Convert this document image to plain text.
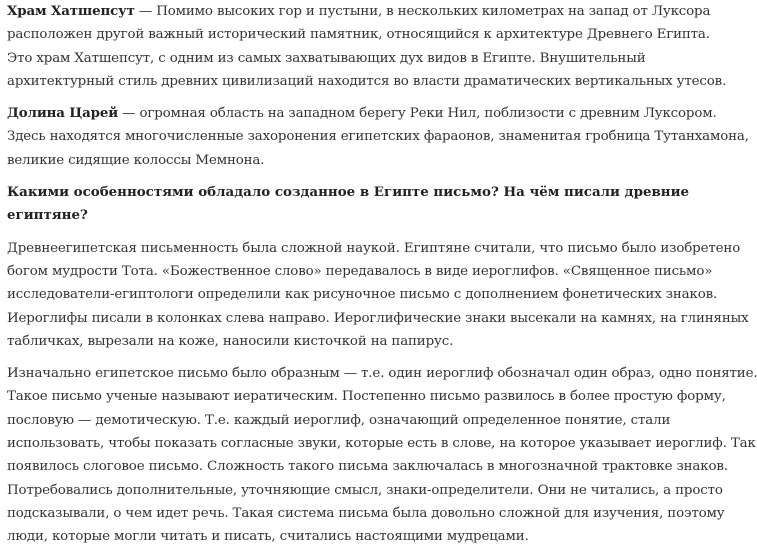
Храм Хатшепсут — Помимо высоких гор и пустыни, в нескольких километрах на запад от Луксора
расположен другой важный исторический памятник, относящийся к архитектуре Древнего Египта.
Это храм Хатшепсут, с одним из самых захватывающих дух видов в Египте. Внушительный
архитектурный стиль древних цивилизаций находится во власти драматических вертикальных утесов.

Долина Царей — огромная область на западном берегу Реки Нил, поблизости с древним Луксором.
Здесь находятся многочисленные захоронения египетских фараонов, знаменитая гробница Тутанхамона,
великие сидящие колоссы Мемнона.

Какими особенностями обладало созданное в Египте письмо? На чём писали древние
египтяне?

Древнеегипетская письменность была сложной наукой. Египтяне считали, что письмо было изобретено
богом мудрости Тота. «Божественное слово» передавалось в виде иероглифов. «Священное письмо»
исследователи-египтологи определили как рисуночное письмо с дополнением фонетических знаков.
Иероглифы писали в колонках слева направо. Иероглифические знаки высекали на камнях, на глиняных
табличках, вырезали на коже, наносили кисточкой на папирус.

Изначально египетское письмо было образным — т.е. один иероглиф обозначал один образ, одно понятие.
Такое письмо ученые называют иератическим. Постепенно письмо развилось в более простую форму,
пословую — демотическую. Т.е. каждый иероглиф, означающий определенное понятие, стали
использовать, чтобы показать согласные звуки, которые есть в слове, на которое указывает иероглиф. Так
появилось слоговое письмо. Сложность такого письма заключалась в многозначной трактовке знаков.
Потребовались дополнительные, уточняющие смысл, знаки-определители. Они не читались, а просто
подсказывали, о чем идет речь. Такая система письма была довольно сложной для изучения, поэтому
люди, которые могли читать и писать, считались настоящими мудрецами.
